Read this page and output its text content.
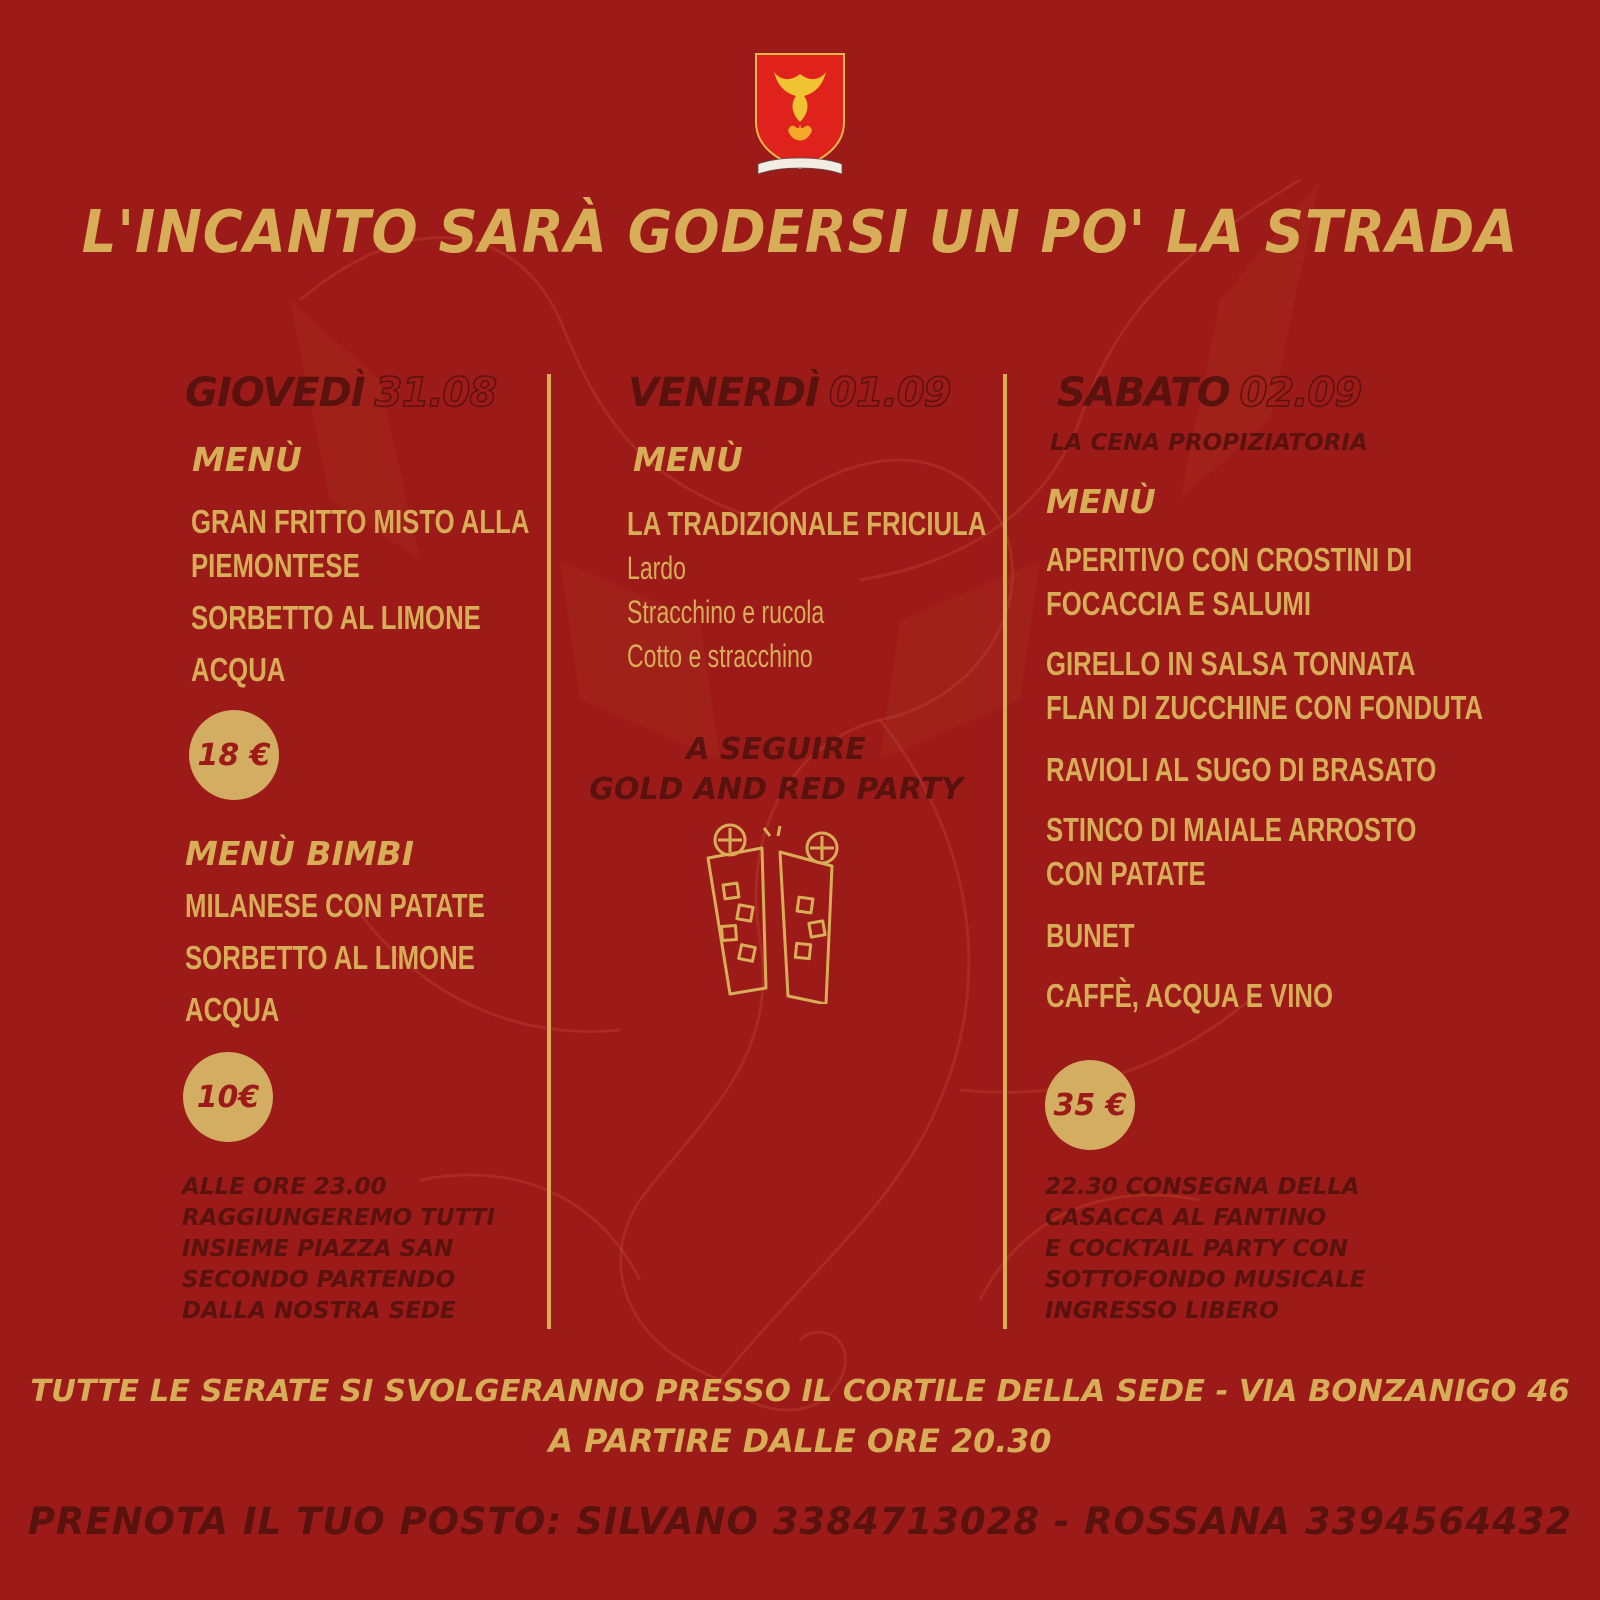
L'INCANTO SARÀ GODERSI UN PO' LA STRADA
GIOVEDÌ 31.08
MENÙ
GRAN FRITTO MISTO ALLA
PIEMONTESE
SORBETTO AL LIMONE
ACQUA
18 €
MENÙ BIMBI
MILANESE CON PATATE
SORBETTO AL LIMONE
ACQUA
10€
ALLE ORE 23.00
RAGGIUNGEREMO TUTTI
INSIEME PIAZZA SAN
SECONDO PARTENDO
DALLA NOSTRA SEDE
VENERDÌ 01.09
MENÙ
LA TRADIZIONALE FRICIULA
Lardo
Stracchino e rucola
Cotto e stracchino
A SEGUIRE
GOLD AND RED PARTY
SABATO 02.09
LA CENA PROPIZIATORIA
MENÙ
APERITIVO CON CROSTINI DI
FOCACCIA E SALUMI
GIRELLO IN SALSA TONNATA
FLAN DI ZUCCHINE CON FONDUTA
RAVIOLI AL SUGO DI BRASATO
STINCO DI MAIALE ARROSTO
CON PATATE
BUNET
CAFFÈ, ACQUA E VINO
35 €
22.30 CONSEGNA DELLA
CASACCA AL FANTINO
E COCKTAIL PARTY CON
SOTTOFONDO MUSICALE
INGRESSO LIBERO
TUTTE LE SERATE SI SVOLGERANNO PRESSO IL CORTILE DELLA SEDE - VIA BONZANIGO 46
A PARTIRE DALLE ORE 20.30
PRENOTA IL TUO POSTO: SILVANO 3384713028 - ROSSANA 3394564432
